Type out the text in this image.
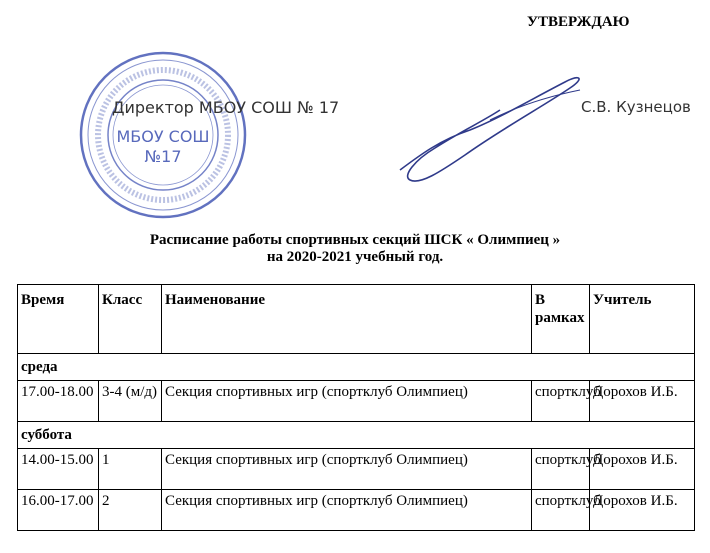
УТВЕРЖДАЮ
МБОУ СОШ
№17
Директор МБОУ СОШ № 17	С.В. Кузнецов
Расписание работы спортивных секций ШСК « Олимпиец »
на 2020-2021 учебный год.
Время	Класс	Наименование	В рамках	Учитель
среда				
17.00-18.00	3-4 (м/д)	Секция спортивных игр (спортклуб Олимпиец)	спортклуб	Дорохов И.Б.
суббота				
14.00-15.00	1	Секция спортивных игр (спортклуб Олимпиец)	спортклуб	Дорохов И.Б.
16.00-17.00	2	Секция спортивных игр (спортклуб Олимпиец)	спортклуб	Дорохов И.Б.
